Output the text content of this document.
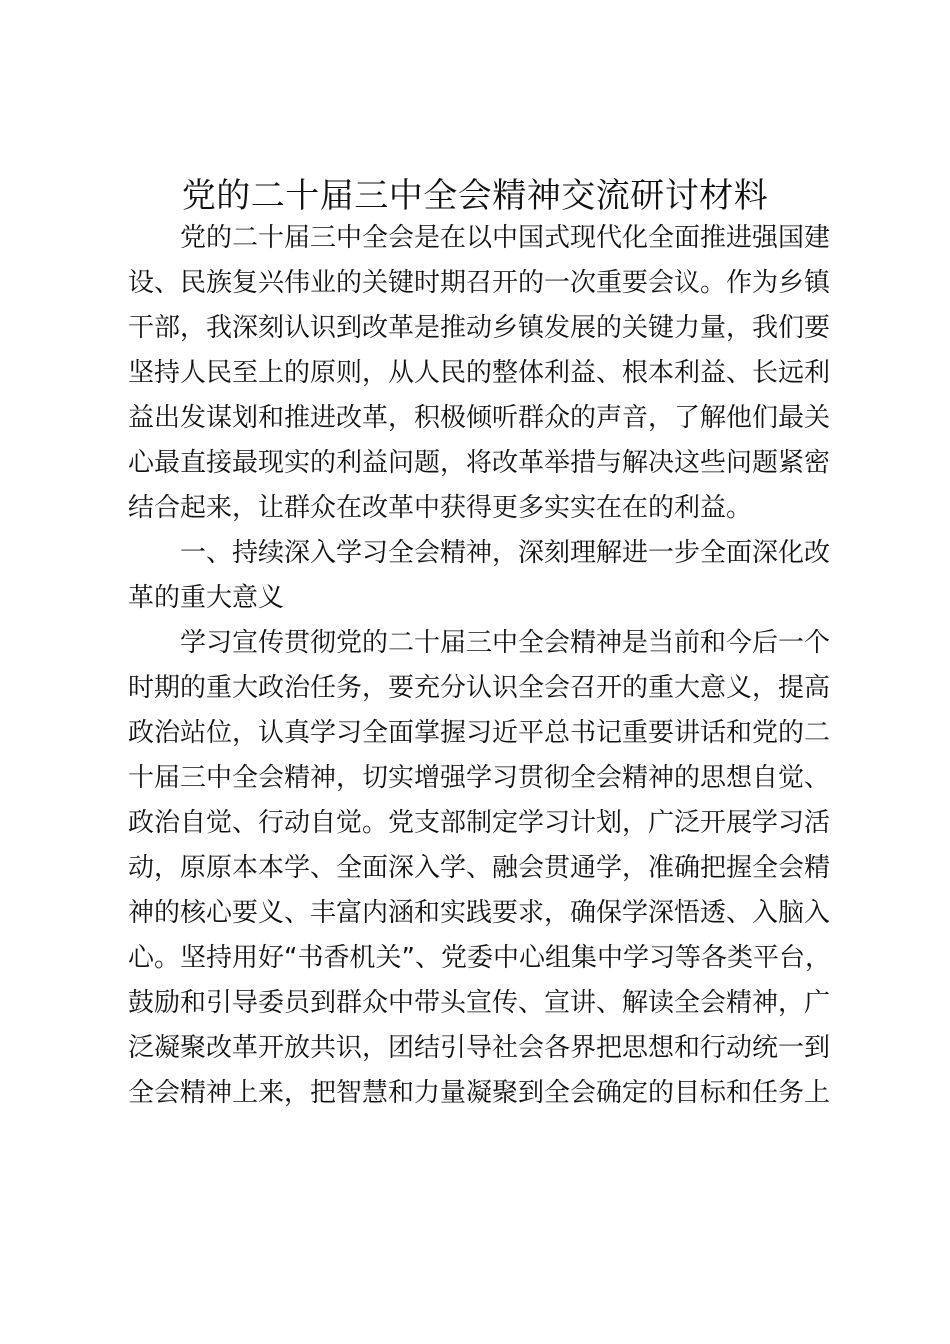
党的二十届三中全会精神交流研讨材料
党的二十届三中全会是在以中国式现代化全面推进强国建
设、民族复兴伟业的关键时期召开的一次重要会议。作为乡镇
干部，我深刻认识到改革是推动乡镇发展的关键力量，我们要
坚持人民至上的原则，从人民的整体利益、根本利益、长远利
益出发谋划和推进改革，积极倾听群众的声音，了解他们最关
心最直接最现实的利益问题，将改革举措与解决这些问题紧密
结合起来，让群众在改革中获得更多实实在在的利益。
一、持续深入学习全会精神，深刻理解进一步全面深化改
革的重大意义
学习宣传贯彻党的二十届三中全会精神是当前和今后一个
时期的重大政治任务，要充分认识全会召开的重大意义，提高
政治站位，认真学习全面掌握习近平总书记重要讲话和党的二
十届三中全会精神，切实增强学习贯彻全会精神的思想自觉、
政治自觉、行动自觉。党支部制定学习计划，广泛开展学习活
动，原原本本学、全面深入学、融会贯通学，准确把握全会精
神的核心要义、丰富内涵和实践要求，确保学深悟透、入脑入
心。坚持用好“书香机关”、党委中心组集中学习等各类平台，
鼓励和引导委员到群众中带头宣传、宣讲、解读全会精神，广
泛凝聚改革开放共识，团结引导社会各界把思想和行动统一到
全会精神上来，把智慧和力量凝聚到全会确定的目标和任务上
